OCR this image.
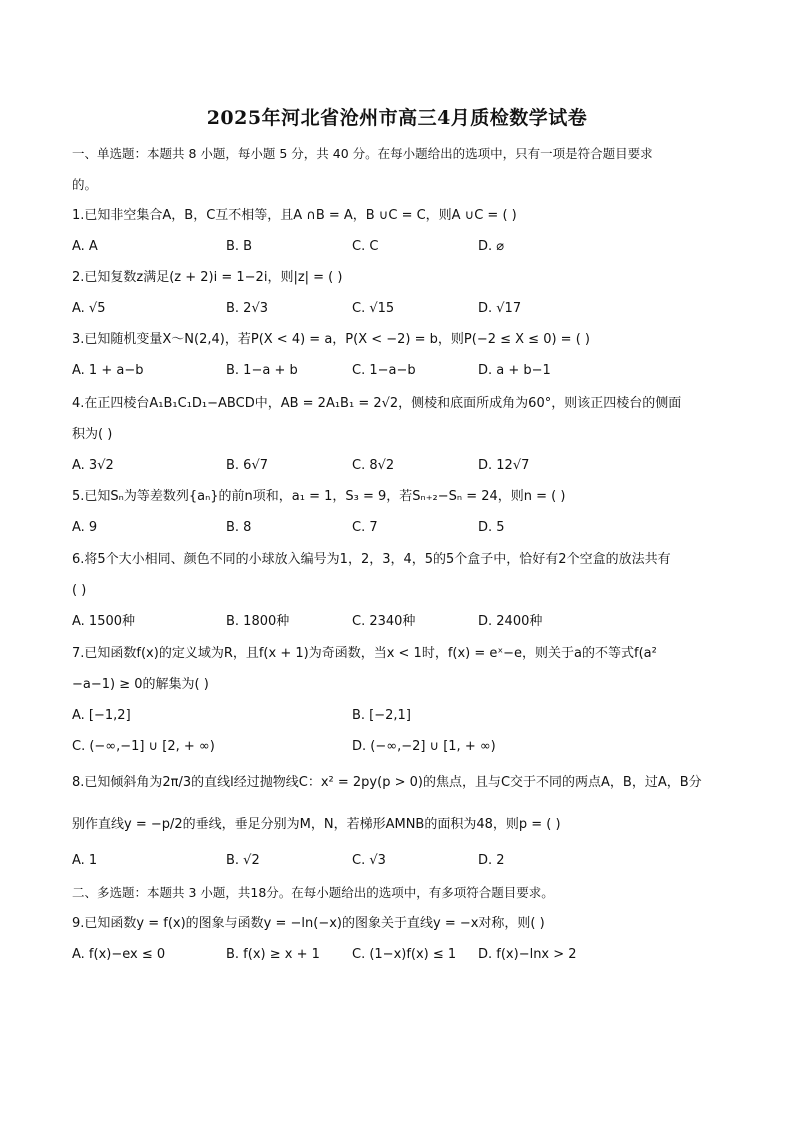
2025年河北省沧州市高三4月质检数学试卷
一、单选题：本题共 8 小题，每小题 5 分，共 40 分。在每小题给出的选项中，只有一项是符合题目要求
的。
1.已知非空集合A，B，C互不相等，且A ∩B = A，B ∪C = C，则A ∪C = ( )
A. A	B. B	C. C	D. ⌀
2.已知复数z满足(z + 2)i = 1−2i，则|z| = ( )
A. √5	B. 2√3	C. √15	D. √17
3.已知随机变量X～N(2,4)，若P(X < 4) = a，P(X < −2) = b，则P(−2 ≤ X ≤ 0) = ( )
A. 1 + a−b	B. 1−a + b	C. 1−a−b	D. a + b−1
4.在正四棱台A₁B₁C₁D₁−ABCD中，AB = 2A₁B₁ = 2√2，侧棱和底面所成角为60°，则该正四棱台的侧面
积为( )
A. 3√2	B. 6√7	C. 8√2	D. 12√7
5.已知Sₙ为等差数列{aₙ}的前n项和，a₁ = 1，S₃ = 9，若Sₙ₊₂−Sₙ = 24，则n = ( )
A. 9	B. 8	C. 7	D. 5
6.将5个大小相同、颜色不同的小球放入编号为1，2，3，4，5的5个盒子中，恰好有2个空盒的放法共有
( )
A. 1500种	B. 1800种	C. 2340种	D. 2400种
7.已知函数f(x)的定义域为R，且f(x + 1)为奇函数，当x < 1时，f(x) = eˣ−e，则关于a的不等式f(a²
−a−1) ≥ 0的解集为( )
A. [−1,2]	B. [−2,1]
C. (−∞,−1] ∪ [2, + ∞)	D. (−∞,−2] ∪ [1, + ∞)
8.已知倾斜角为2π/3的直线l经过抛物线C：x² = 2py(p > 0)的焦点，且与C交于不同的两点A，B，过A，B分
别作直线y = −p/2的垂线，垂足分别为M，N，若梯形AMNB的面积为48，则p = ( )
A. 1	B. √2	C. √3	D. 2
二、多选题：本题共 3 小题，共18分。在每小题给出的选项中，有多项符合题目要求。
9.已知函数y = f(x)的图象与函数y = −ln(−x)的图象关于直线y = −x对称，则( )
A. f(x)−ex ≤ 0	B. f(x) ≥ x + 1 C. (1−x)f(x) ≤ 1 D. f(x)−lnx > 2
